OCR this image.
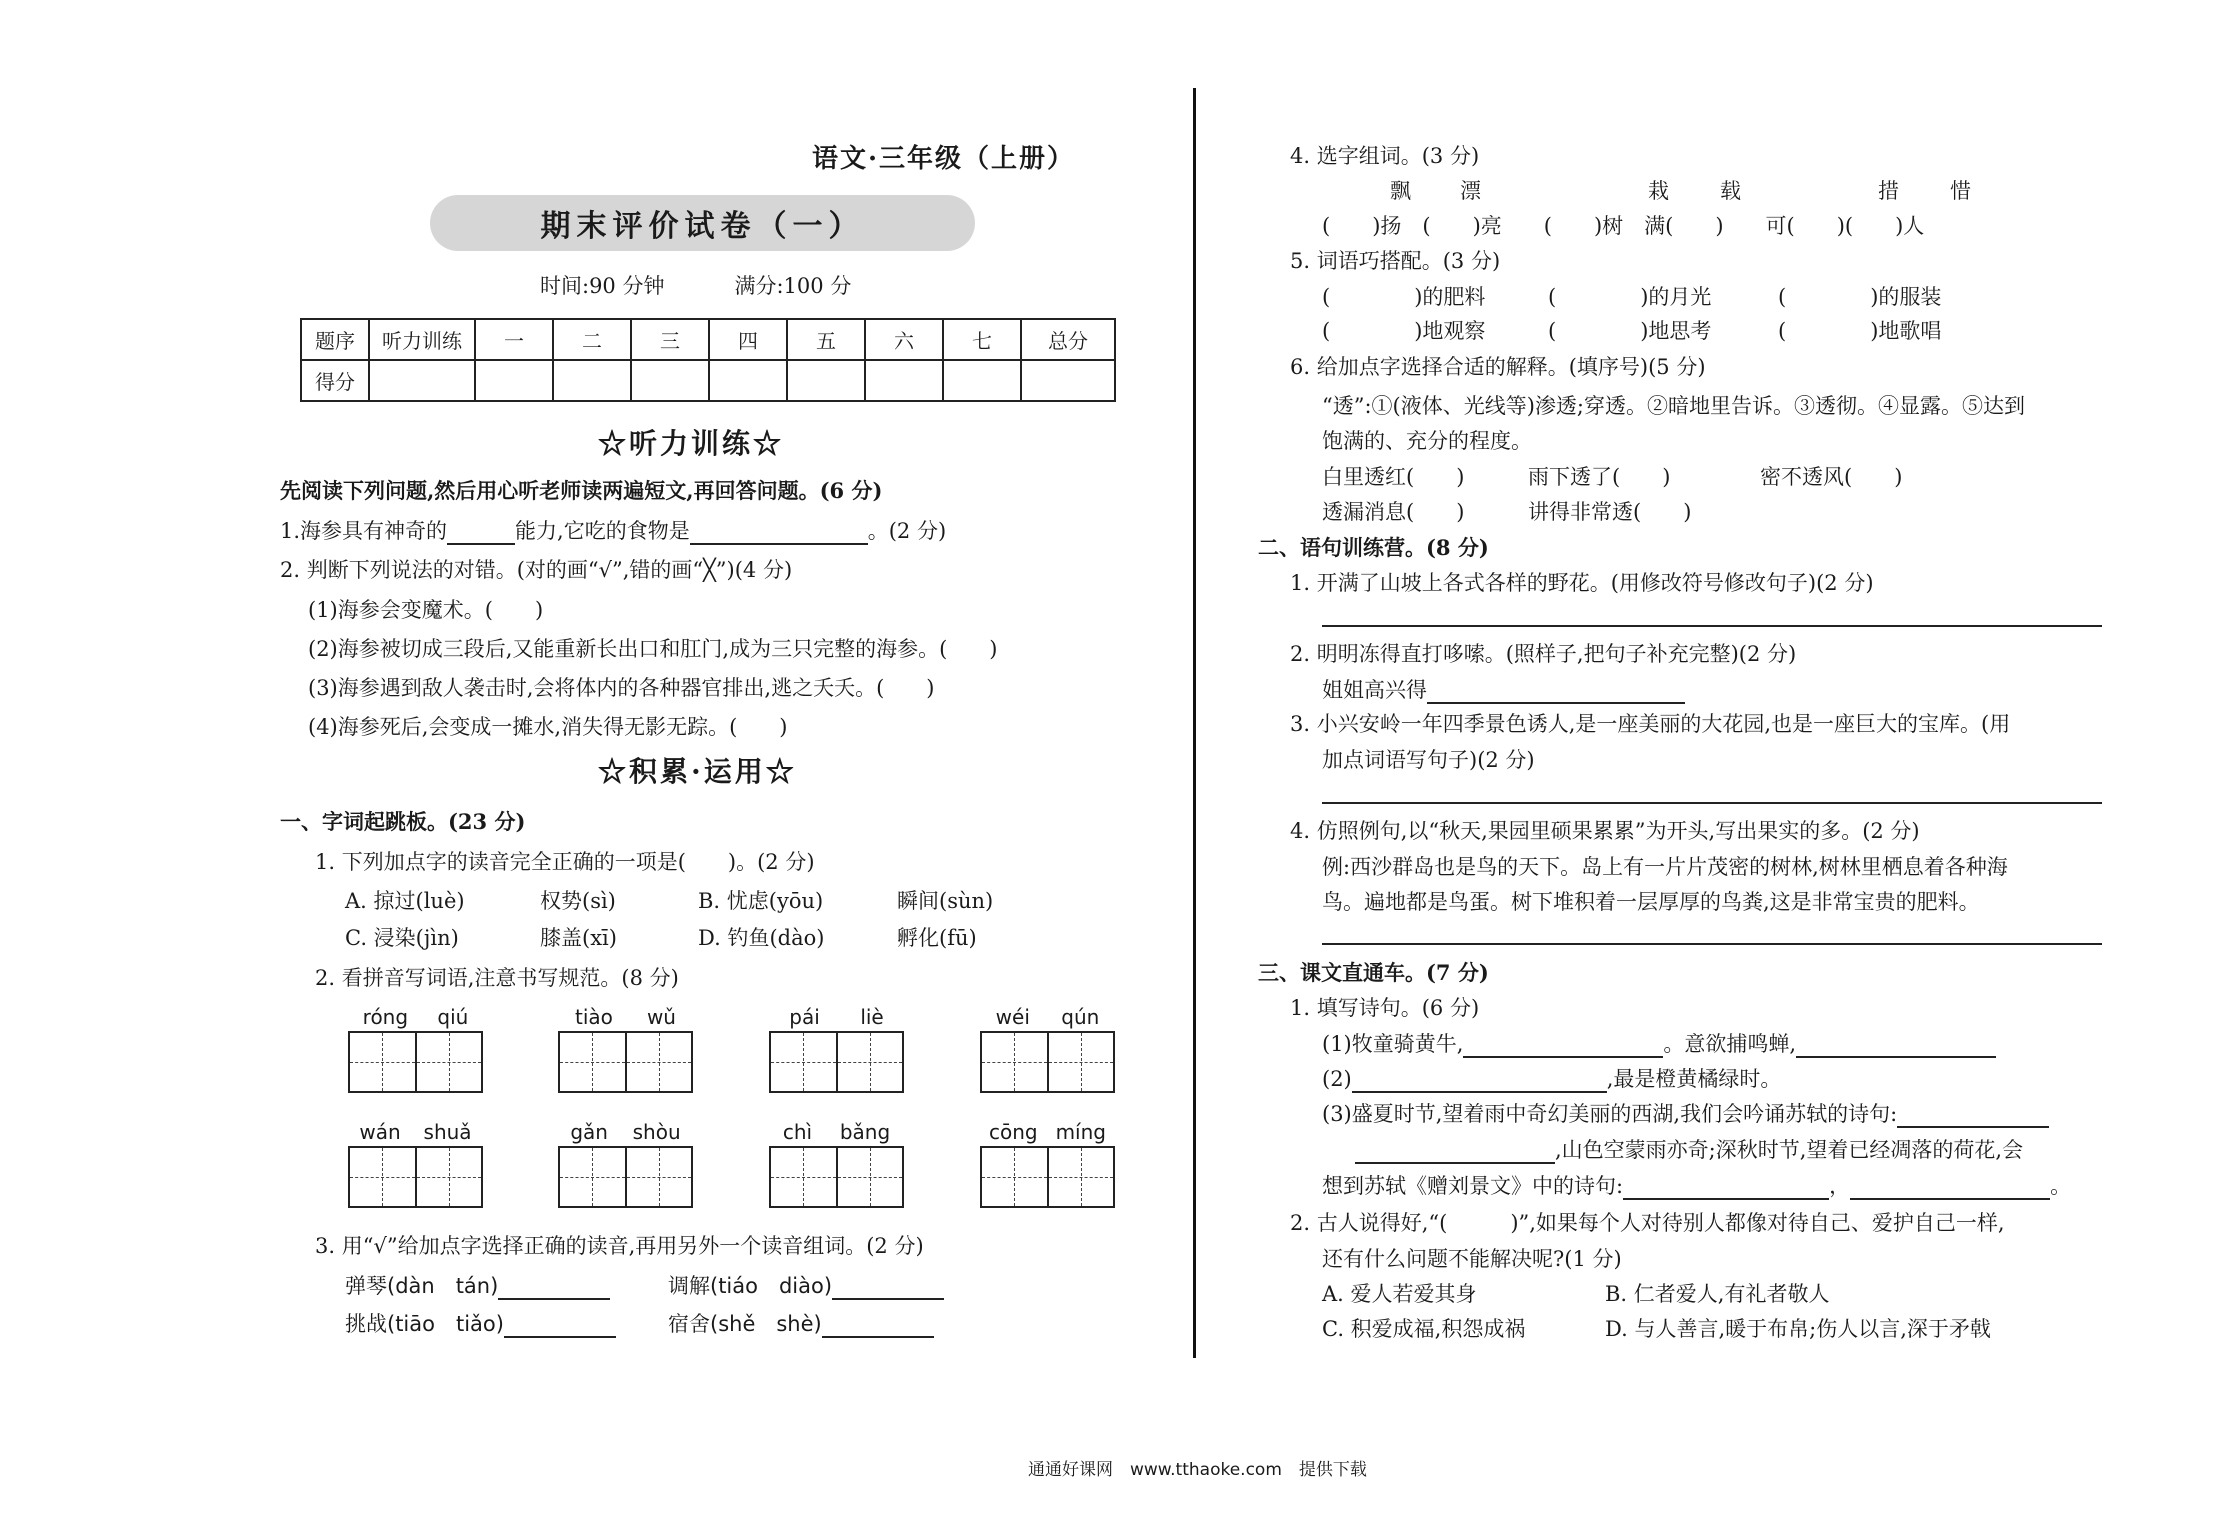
语文·三年级（上册）
期末评价试卷（一）
时间:90 分钟	满分:100 分
题序	听力训练	一	二	三	四	五	六	七	总分
得分									
☆听力训练☆
先阅读下列问题,然后用心听老师读两遍短文,再回答问题。(6 分)
1.海参具有神奇的	能力,它吃的食物是	。(2 分)
2. 判断下列说法的对错。(对的画“√”,错的画“╳”)(4 分)
(1)海参会变魔术。(　　)
(2)海参被切成三段后,又能重新长出口和肛门,成为三只完整的海参。(　　)
(3)海参遇到敌人袭击时,会将体内的各种器官排出,逃之夭夭。(　　)
(4)海参死后,会变成一摊水,消失得无影无踪。(　　)
☆积累·运用☆
一、字词起跳板。(23 分)
1. 下列加点字的读音完全正确的一项是(　　)。(2 分)
A. 掠过(luè)	权势(sì)	B. 忧虑(yōu)	瞬间(sùn)
C. 浸染(jìn)	膝盖(xī)	D. 钓鱼(dào)	孵化(fū)
2. 看拼音写词语,注意书写规范。(8 分)
róng qiú	tiào wǔ	pái liè	wéi qún
wán shuǎ	gǎn shòu	chì bǎng	cōng míng
3. 用“√”给加点字选择正确的读音,再用另外一个读音组词。(2 分)
弹琴(dàn　tán)	调解(tiáo　diào)
挑战(tiāo　tiǎo)	宿舍(shě　shè)
4. 选字组词。(3 分)
飘 漂	栽 载	措 惜
(　　)扬　(　　)亮　　(　　)树　满(　　)　　可(　　)(　　)人
5. 词语巧搭配。(3 分)
(　　　　)的肥料	(　　　　)的月光	(　　　　)的服装
(　　　　)地观察	(　　　　)地思考	(　　　　)地歌唱
6. 给加点字选择合适的解释。(填序号)(5 分)
“透”:①(液体、光线等)渗透;穿透。②暗地里告诉。③透彻。④显露。⑤达到
饱满的、充分的程度。
白里透红(　　)	雨下透了(　　)	密不透风(　　)
透漏消息(　　)	讲得非常透(　　)
二、语句训练营。(8 分)
1. 开满了山坡上各式各样的野花。(用修改符号修改句子)(2 分)
2. 明明冻得直打哆嗦。(照样子,把句子补充完整)(2 分)
姐姐高兴得
3. 小兴安岭一年四季景色诱人,是一座美丽的大花园,也是一座巨大的宝库。(用
加点词语写句子)(2 分)
4. 仿照例句,以“秋天,果园里硕果累累”为开头,写出果实的多。(2 分)
例:西沙群岛也是鸟的天下。岛上有一片片茂密的树林,树林里栖息着各种海
鸟。遍地都是鸟蛋。树下堆积着一层厚厚的鸟粪,这是非常宝贵的肥料。
三、课文直通车。(7 分)
1. 填写诗句。(6 分)
(1)牧童骑黄牛,	。意欲捕鸣蝉,
(2)	,最是橙黄橘绿时。
(3)盛夏时节,望着雨中奇幻美丽的西湖,我们会吟诵苏轼的诗句:
,山色空蒙雨亦奇;深秋时节,望着已经凋落的荷花,会
想到苏轼《赠刘景文》中的诗句:	，	。
2. 古人说得好,“(　　　)”,如果每个人对待别人都像对待自己、爱护自己一样,
还有什么问题不能解决呢?(1 分)
A. 爱人若爱其身	B. 仁者爱人,有礼者敬人
C. 积爱成福,积怨成祸	D. 与人善言,暖于布帛;伤人以言,深于矛戟
通通好课网　www.tthaoke.com　提供下载
